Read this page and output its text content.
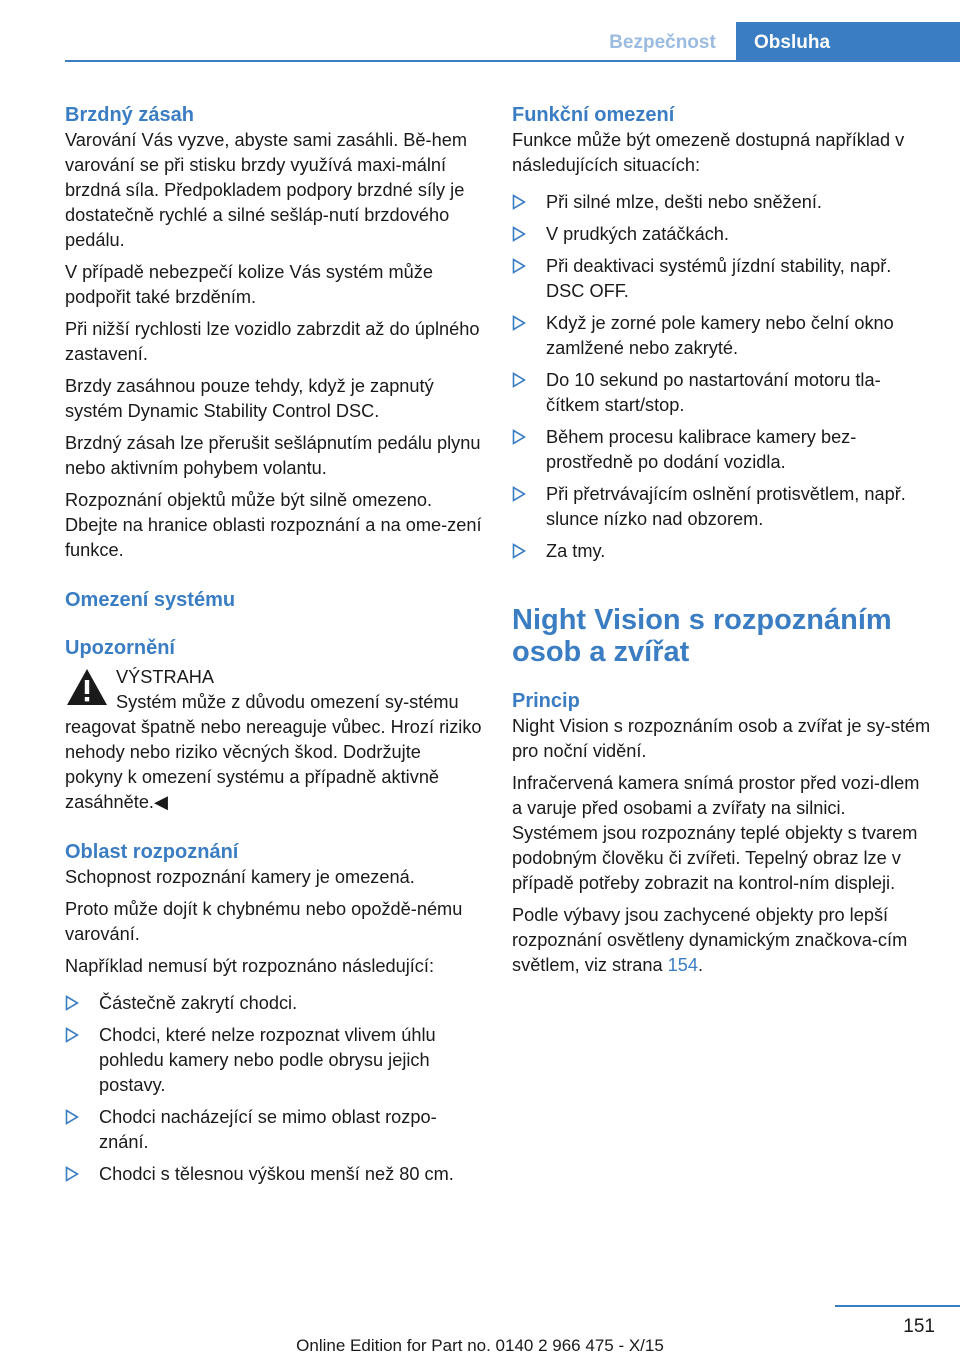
Bezpečnost	Obsluha
Brzdný zásah

Varování Vás vyzve, abyste sami zasáhli. Bě-hem varování se při stisku brzdy využívá maxi-mální brzdná síla. Předpokladem podpory brzdné síly je dostatečně rychlé a silné sešláp-nutí brzdového pedálu.

V případě nebezpečí kolize Vás systém může podpořit také brzděním.

Při nižší rychlosti lze vozidlo zabrzdit až do úplného zastavení.

Brzdy zasáhnou pouze tehdy, když je zapnutý systém Dynamic Stability Control DSC.

Brzdný zásah lze přerušit sešlápnutím pedálu plynu nebo aktivním pohybem volantu.

Rozpoznání objektů může být silně omezeno. Dbejte na hranice oblasti rozpoznání a na ome-zení funkce.

Omezení systému
Upozornění
VÝSTRAHA

Systém může z důvodu omezení sy-stému reagovat špatně nebo nereaguje vůbec. Hrozí riziko nehody nebo riziko věcných škod. Dodržujte pokyny k omezení systému a případně aktivně zasáhněte.◀

Oblast rozpoznání

Schopnost rozpoznání kamery je omezená.

Proto může dojít k chybnému nebo opoždě-nému varování.

Například nemusí být rozpoznáno následující:

Částečně zakrytí chodci.
Chodci, které nelze rozpoznat vlivem úhlu pohledu kamery nebo podle obrysu jejich postavy.
Chodci nacházející se mimo oblast rozpo-znání.
Chodci s tělesnou výškou menší než 80 cm.
Funkční omezení

Funkce může být omezeně dostupná například v následujících situacích:

Při silné mlze, dešti nebo sněžení.
V prudkých zatáčkách.
Při deaktivaci systémů jízdní stability, např. DSC OFF.
Když je zorné pole kamery nebo čelní okno zamlžené nebo zakryté.
Do 10 sekund po nastartování motoru tla-čítkem start/stop.
Během procesu kalibrace kamery bez-prostředně po dodání vozidla.
Při přetrvávajícím oslnění protisvětlem, např. slunce nízko nad obzorem.
Za tmy.
Night Vision s rozpoznáním osob a zvířat
Princip

Night Vision s rozpoznáním osob a zvířat je sy-stém pro noční vidění.

Infračervená kamera snímá prostor před vozi-dlem a varuje před osobami a zvířaty na silnici. Systémem jsou rozpoznány teplé objekty s tvarem podobným člověku či zvířeti. Tepelný obraz lze v případě potřeby zobrazit na kontrol-ním displeji.

Podle výbavy jsou zachycené objekty pro lepší rozpoznání osvětleny dynamickým značkova-cím světlem, viz strana 154.

151
Online Edition for Part no. 0140 2 966 475 - X/15
